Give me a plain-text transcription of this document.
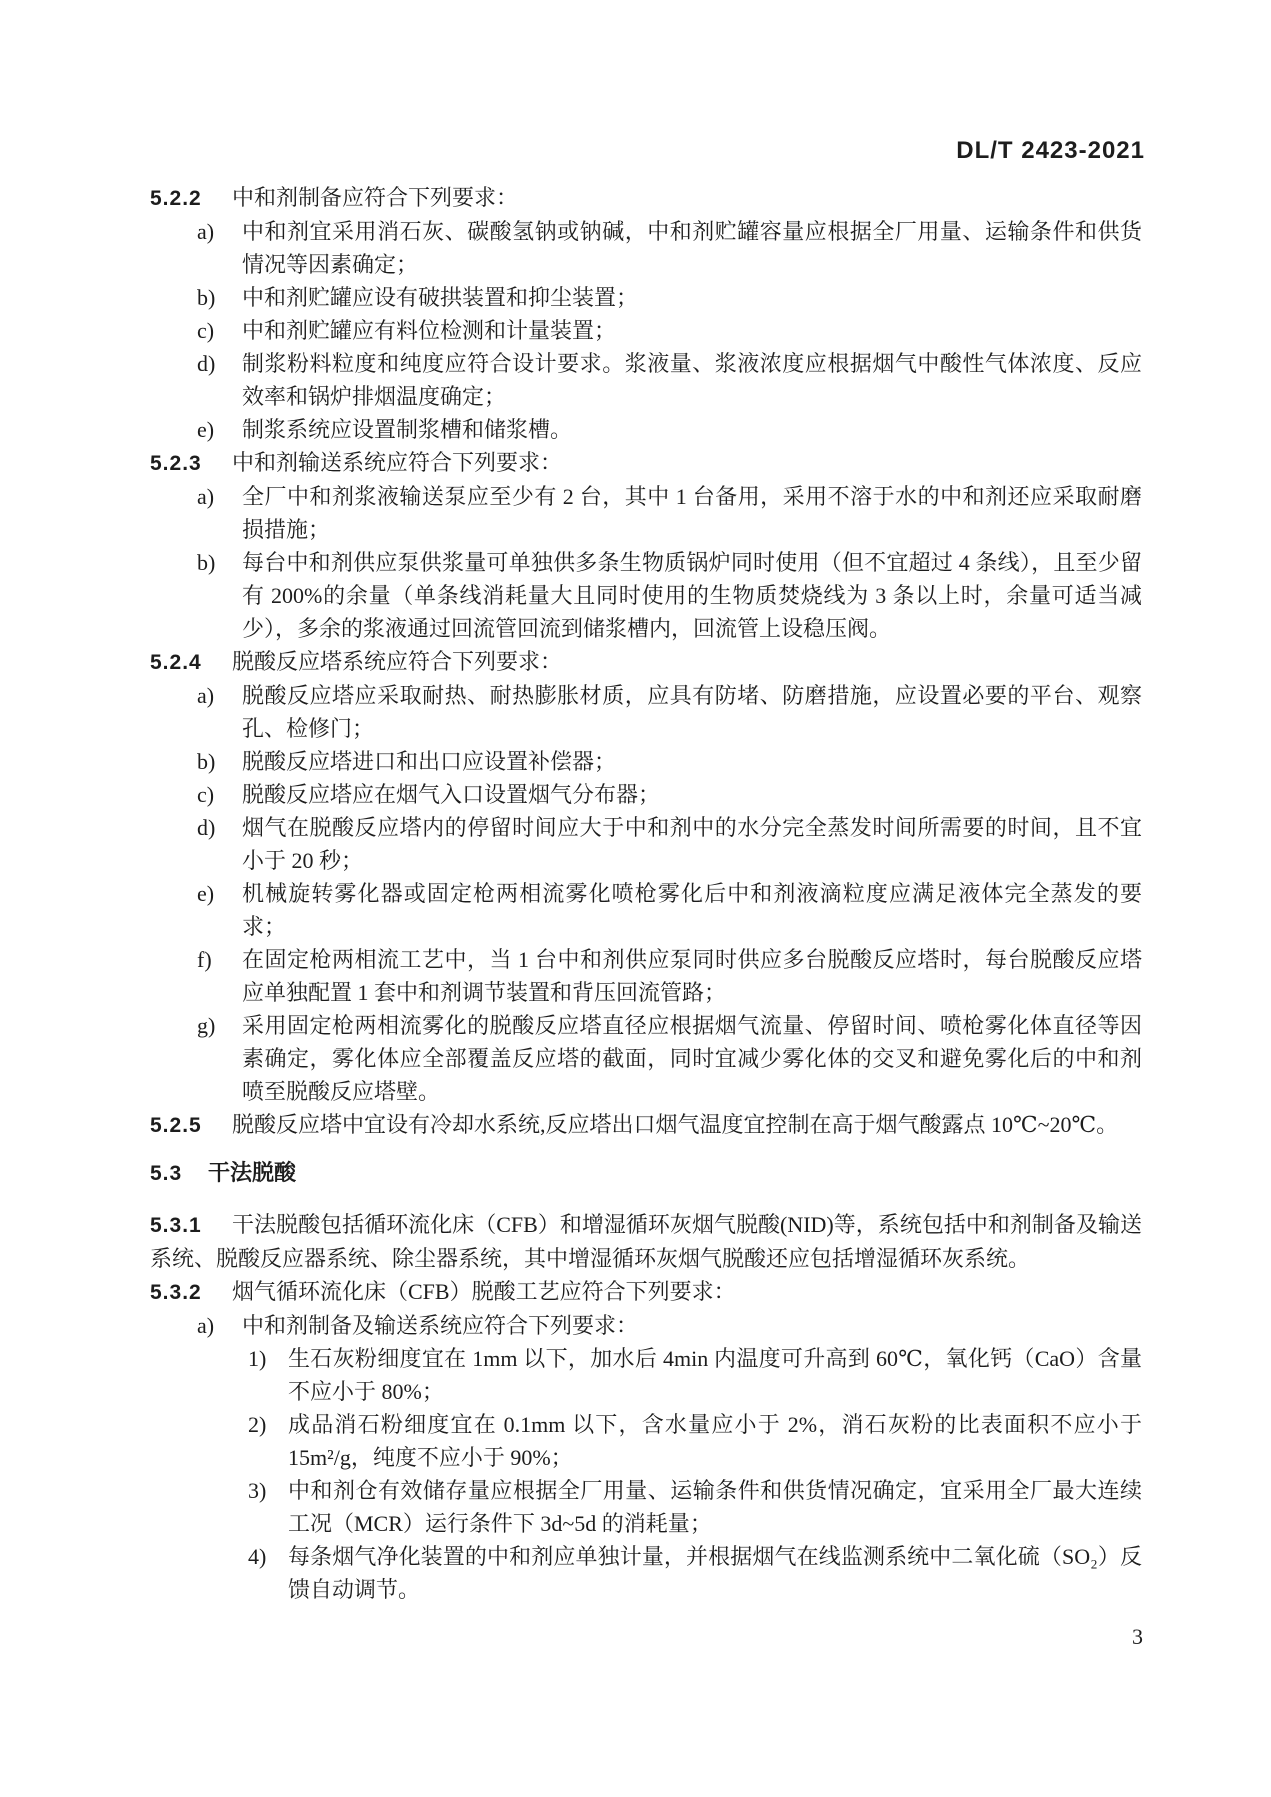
DL/T 2423-2021
5.2.2 中和剂制备应符合下列要求：
a)	中和剂宜采用消石灰、碳酸氢钠或钠碱，中和剂贮罐容量应根据全厂用量、运输条件和供货情况等因素确定；
b)	中和剂贮罐应设有破拱装置和抑尘装置；
c)	中和剂贮罐应有料位检测和计量装置；
d)	制浆粉料粒度和纯度应符合设计要求。浆液量、浆液浓度应根据烟气中酸性气体浓度、反应效率和锅炉排烟温度确定；
e)	制浆系统应设置制浆槽和储浆槽。
5.2.3 中和剂输送系统应符合下列要求：
a)	全厂中和剂浆液输送泵应至少有 2 台，其中 1 台备用，采用不溶于水的中和剂还应采取耐磨损措施；
b)	每台中和剂供应泵供浆量可单独供多条生物质锅炉同时使用（但不宜超过 4 条线），且至少留有 200%的余量（单条线消耗量大且同时使用的生物质焚烧线为 3 条以上时，余量可适当减少），多余的浆液通过回流管回流到储浆槽内，回流管上设稳压阀。
5.2.4 脱酸反应塔系统应符合下列要求：
a)	脱酸反应塔应采取耐热、耐热膨胀材质，应具有防堵、防磨措施，应设置必要的平台、观察孔、检修门；
b)	脱酸反应塔进口和出口应设置补偿器；
c)	脱酸反应塔应在烟气入口设置烟气分布器；
d)	烟气在脱酸反应塔内的停留时间应大于中和剂中的水分完全蒸发时间所需要的时间，且不宜小于 20 秒；
e)	机械旋转雾化器或固定枪两相流雾化喷枪雾化后中和剂液滴粒度应满足液体完全蒸发的要求；
f)	在固定枪两相流工艺中，当 1 台中和剂供应泵同时供应多台脱酸反应塔时，每台脱酸反应塔应单独配置 1 套中和剂调节装置和背压回流管路；
g)	采用固定枪两相流雾化的脱酸反应塔直径应根据烟气流量、停留时间、喷枪雾化体直径等因素确定，雾化体应全部覆盖反应塔的截面，同时宜减少雾化体的交叉和避免雾化后的中和剂喷至脱酸反应塔壁。
5.2.5 脱酸反应塔中宜设有冷却水系统,反应塔出口烟气温度宜控制在高于烟气酸露点 10℃~20℃。
5.3 干法脱酸
5.3.1 干法脱酸包括循环流化床（CFB）和增湿循环灰烟气脱酸(NID)等，系统包括中和剂制备及输送系统、脱酸反应器系统、除尘器系统，其中增湿循环灰烟气脱酸还应包括增湿循环灰系统。
5.3.2 烟气循环流化床（CFB）脱酸工艺应符合下列要求：
a)	中和剂制备及输送系统应符合下列要求：
1) 生石灰粉细度宜在 1mm 以下，加水后 4min 内温度可升高到 60℃，氧化钙（CaO）含量不应小于 80%；
2) 成品消石粉细度宜在 0.1mm 以下，含水量应小于 2%，消石灰粉的比表面积不应小于 15m²/g，纯度不应小于 90%；
3) 中和剂仓有效储存量应根据全厂用量、运输条件和供货情况确定，宜采用全厂最大连续工况（MCR）运行条件下 3d~5d 的消耗量；
4) 每条烟气净化装置的中和剂应单独计量，并根据烟气在线监测系统中二氧化硫（SO₂）反馈自动调节。
3
